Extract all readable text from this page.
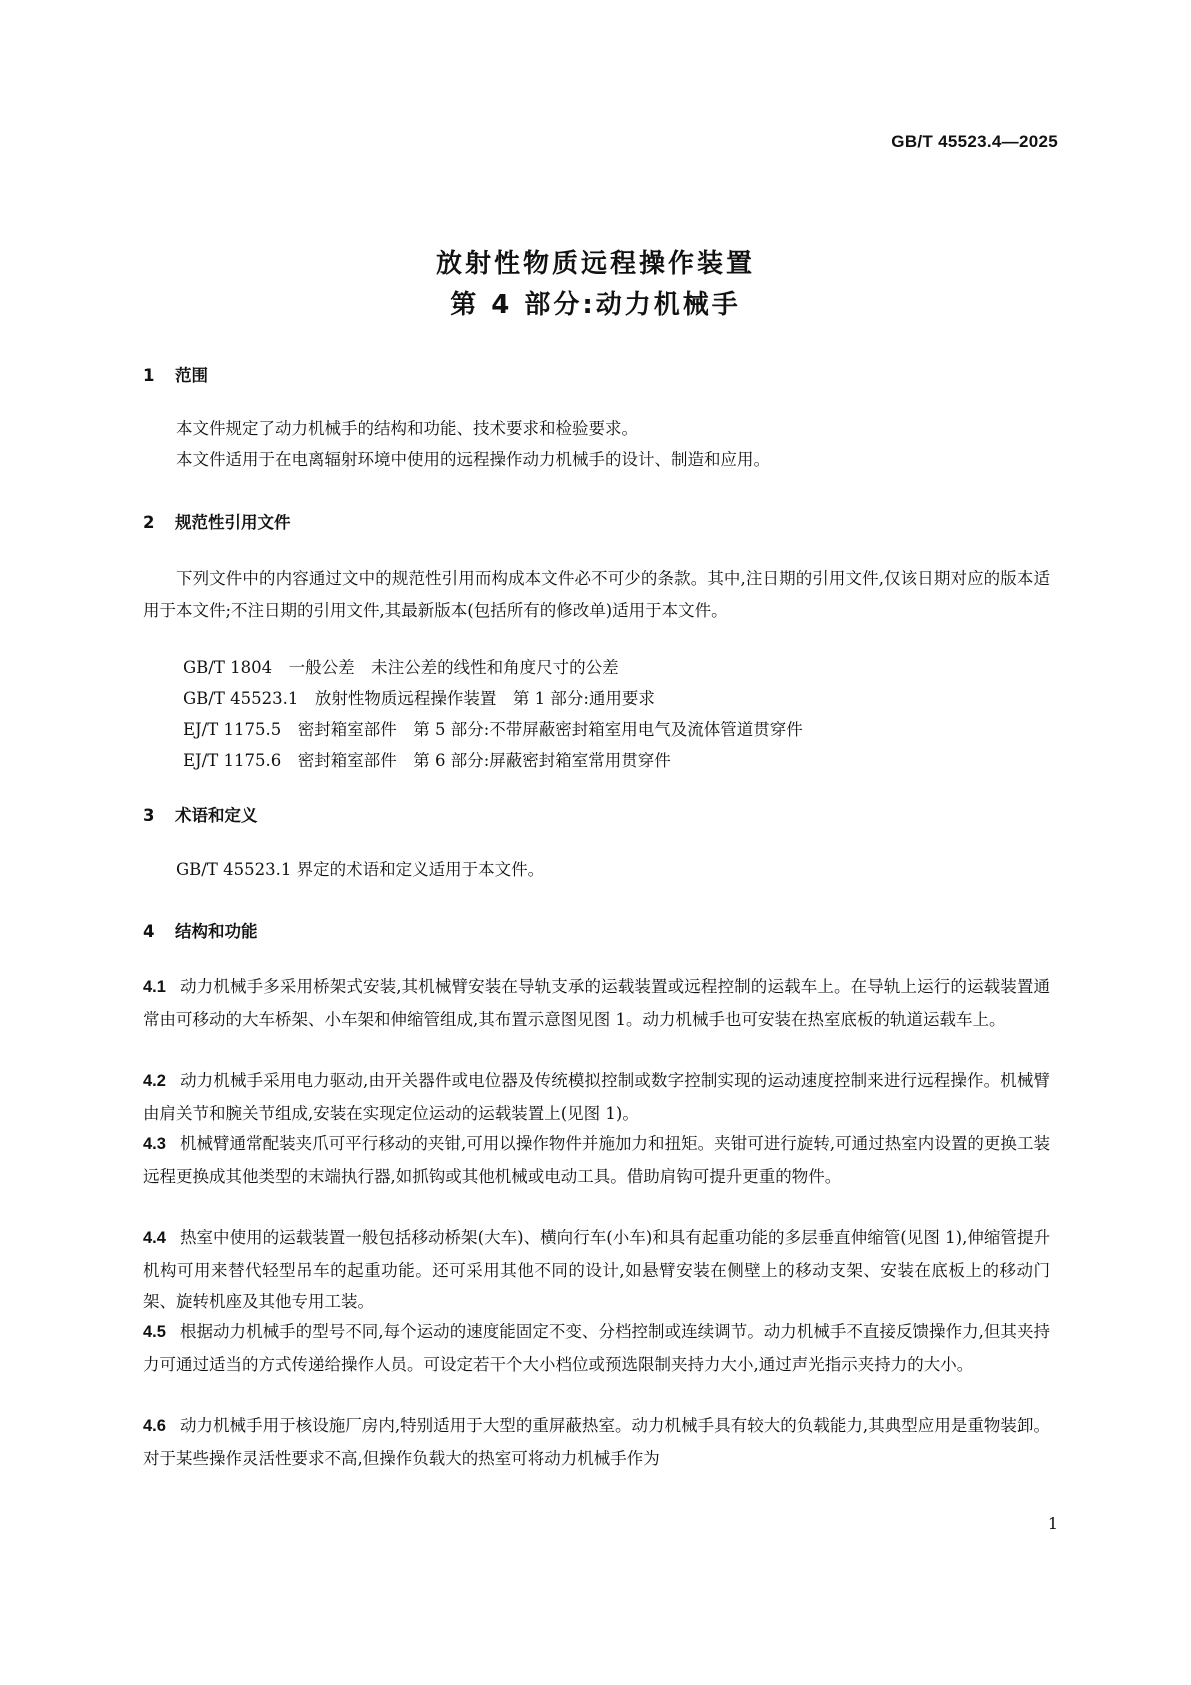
GB/T 45523.4—2025
放射性物质远程操作装置
第 4 部分:动力机械手
1 范围
本文件规定了动力机械手的结构和功能、技术要求和检验要求。
本文件适用于在电离辐射环境中使用的远程操作动力机械手的设计、制造和应用。
2 规范性引用文件
下列文件中的内容通过文中的规范性引用而构成本文件必不可少的条款。其中,注日期的引用文件,仅该日期对应的版本适用于本文件;不注日期的引用文件,其最新版本(包括所有的修改单)适用于本文件。
GB/T 1804　一般公差　未注公差的线性和角度尺寸的公差
GB/T 45523.1　放射性物质远程操作装置　第 1 部分:通用要求
EJ/T 1175.5　密封箱室部件　第 5 部分:不带屏蔽密封箱室用电气及流体管道贯穿件
EJ/T 1175.6　密封箱室部件　第 6 部分:屏蔽密封箱室常用贯穿件
3 术语和定义
GB/T 45523.1 界定的术语和定义适用于本文件。
4 结构和功能
4.1 动力机械手多采用桥架式安装,其机械臂安装在导轨支承的运载装置或远程控制的运载车上。在导轨上运行的运载装置通常由可移动的大车桥架、小车架和伸缩管组成,其布置示意图见图 1。动力机械手也可安装在热室底板的轨道运载车上。
4.2 动力机械手采用电力驱动,由开关器件或电位器及传统模拟控制或数字控制实现的运动速度控制来进行远程操作。机械臂由肩关节和腕关节组成,安装在实现定位运动的运载装置上(见图 1)。
4.3 机械臂通常配装夹爪可平行移动的夹钳,可用以操作物件并施加力和扭矩。夹钳可进行旋转,可通过热室内设置的更换工装远程更换成其他类型的末端执行器,如抓钩或其他机械或电动工具。借助肩钩可提升更重的物件。
4.4 热室中使用的运载装置一般包括移动桥架(大车)、横向行车(小车)和具有起重功能的多层垂直伸缩管(见图 1),伸缩管提升机构可用来替代轻型吊车的起重功能。还可采用其他不同的设计,如悬臂安装在侧壁上的移动支架、安装在底板上的移动门架、旋转机座及其他专用工装。
4.5 根据动力机械手的型号不同,每个运动的速度能固定不变、分档控制或连续调节。动力机械手不直接反馈操作力,但其夹持力可通过适当的方式传递给操作人员。可设定若干个大小档位或预选限制夹持力大小,通过声光指示夹持力的大小。
4.6 动力机械手用于核设施厂房内,特别适用于大型的重屏蔽热室。动力机械手具有较大的负载能力,其典型应用是重物装卸。对于某些操作灵活性要求不高,但操作负载大的热室可将动力机械手作为
1
